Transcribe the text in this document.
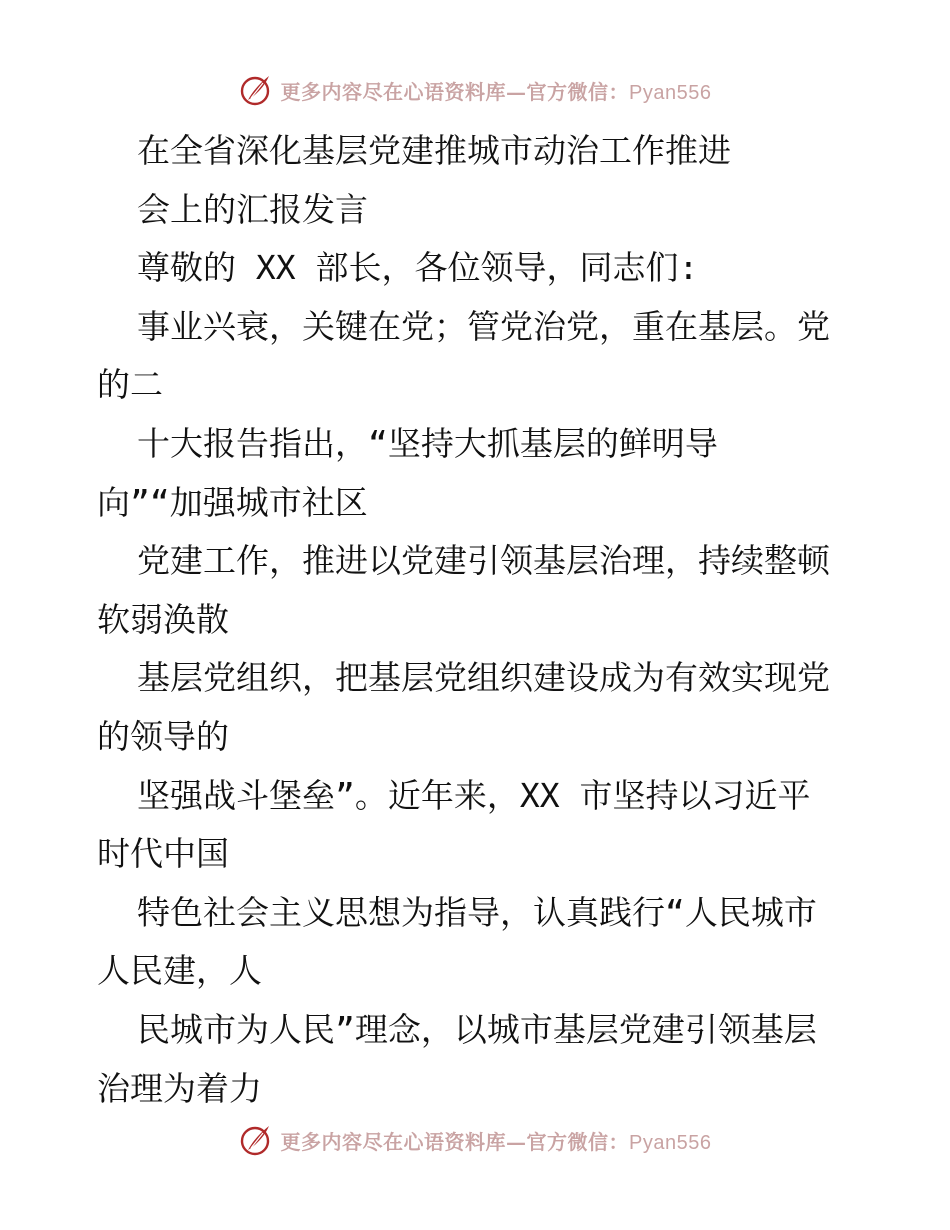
更多内容尽在心语资料库—官方微信：Pyan556
在全省深化基层党建推城市动治工作推进
会上的汇报发言
尊敬的 XX 部长，各位领导，同志们:
事业兴衰，关键在党；管党治党，重在基层。党
的二
十大报告指出，“坚持大抓基层的鲜明导
向”“加强城市社区
党建工作，推进以党建引领基层治理，持续整顿
软弱涣散
基层党组织，把基层党组织建设成为有效实现党
的领导的
坚强战斗堡垒”。近年来，XX 市坚持以习近平
时代中国
特色社会主义思想为指导，认真践行“人民城市
人民建，人
民城市为人民”理念，以城市基层党建引领基层
治理为着力
更多内容尽在心语资料库—官方微信：Pyan556
